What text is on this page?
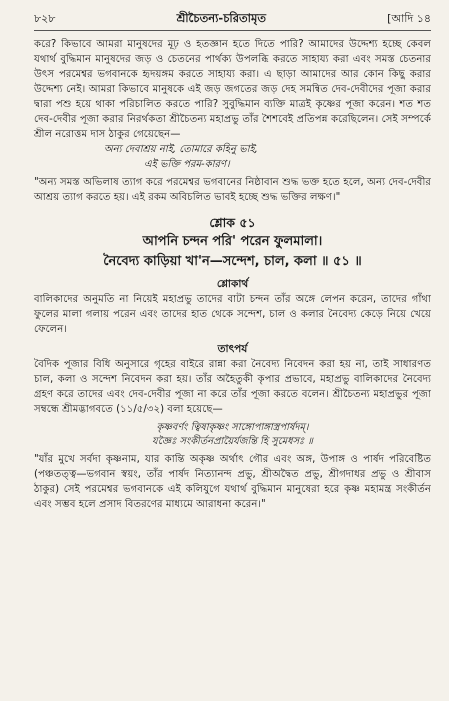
৮২৮	শ্রীচৈতন্য-চরিতামৃত	[আদি ১৪

করে? কিভাবে আমরা মানুষদের মূঢ় ও হতজ্ঞান হতে দিতে পারি? আমাদের উদ্দেশ্য হচ্ছে কেবল যথার্থ বুদ্ধিমান মানুষদের জড় ও চেতনের পার্থক্য উপলব্ধি করতে সাহায্য করা এবং সমস্ত চেতনার উৎস পরমেশ্বর ভগবানকে হৃদয়ঙ্গম করতে সাহায্য করা। এ ছাড়া আমাদের আর কোন কিছু করার উদ্দেশ্য নেই। আমরা কিভাবে মানুষকে এই জড় জগতের জড় দেহ সমন্বিত দেব-দেবীদের পূজা করার দ্বারা পশু হয়ে থাকা পরিচালিত করতে পারি? সুবুদ্ধিমান ব্যক্তি মাত্রই কৃষ্ণের পূজা করেন। শত শত দেব-দেবীর পূজা করার নিরর্থকতা শ্রীচৈতন্য মহাপ্রভু তাঁর শৈশবেই প্রতিপন্ন করেছিলেন। সেই সম্পর্কে শ্রীল নরোত্তম দাস ঠাকুর গেয়েছেন—

অন্য দেবাশ্রয় নাই, তোমারে কহিনু ভাই,
এই ভক্তি পরম-কারণ।

"অন্য সমস্ত অভিলাষ ত্যাগ করে পরমেশ্বর ভগবানের নিষ্ঠাবান শুদ্ধ ভক্ত হতে হলে, অন্য দেব-দেবীর আশ্রয় ত্যাগ করতে হয়। এই রকম অবিচলিত ভাবই হচ্ছে শুদ্ধ ভক্তির লক্ষণ।"

শ্লোক ৫১
আপনি চন্দন পরি' পরেন ফুলমালা।
নৈবেদ্য কাড়িয়া খা'ন—সন্দেশ, চাল, কলা ॥ ৫১ ॥
শ্লোকার্থ

বালিকাদের অনুমতি না নিয়েই মহাপ্রভু তাদের বাটা চন্দন তাঁর অঙ্গে লেপন করেন, তাদের গাঁথা ফুলের মালা গলায় পরেন এবং তাদের হাত থেকে সন্দেশ, চাল ও কলার নৈবেদ্য কেড়ে নিয়ে খেয়ে ফেলেন।

তাৎপর্য

বৈদিক পূজার বিধি অনুসারে গৃহের বাইরে রান্না করা নৈবেদ্য নিবেদন করা হয় না, তাই সাধারণত চাল, কলা ও সন্দেশ নিবেদন করা হয়। তাঁর অহৈতুকী কৃপার প্রভাবে, মহাপ্রভু বালিকাদের নৈবেদ্য গ্রহণ করে তাদের এবং দেব-দেবীর পূজা না করে তাঁর পূজা করতে বলেন। শ্রীচৈতন্য মহাপ্রভুর পূজা সম্বন্ধে শ্রীমদ্ভাগবতে (১১/৫/৩২) বলা হয়েছে—

কৃষ্ণবর্ণং ত্বিষাকৃষ্ণং সাঙ্গোপাঙ্গাস্ত্রপার্ষদম্।
যজ্ঞৈঃ সংকীর্তনপ্রায়ৈর্যজন্তি হি সুমেধসঃ ॥

"যাঁর মুখে সর্বদা কৃষ্ণনাম, যার কান্তি অকৃষ্ণ অর্থাৎ গৌর এবং অঙ্গ, উপাঙ্গ ও পার্ষদ পরিবেষ্টিত (পঞ্চতত্ত্ব—ভগবান স্বয়ং, তাঁর পার্ষদ নিত্যানন্দ প্রভু, শ্রীঅদ্বৈত প্রভু, শ্রীগদাধর প্রভু ও শ্রীবাস ঠাকুর) সেই পরমেশ্বর ভগবানকে এই কলিযুগে যথার্থ বুদ্ধিমান মানুষেরা হরে কৃষ্ণ মহামন্ত্র সংকীর্তন এবং সম্ভব হলে প্রসাদ বিতরণের মাধ্যমে আরাধনা করেন।"
